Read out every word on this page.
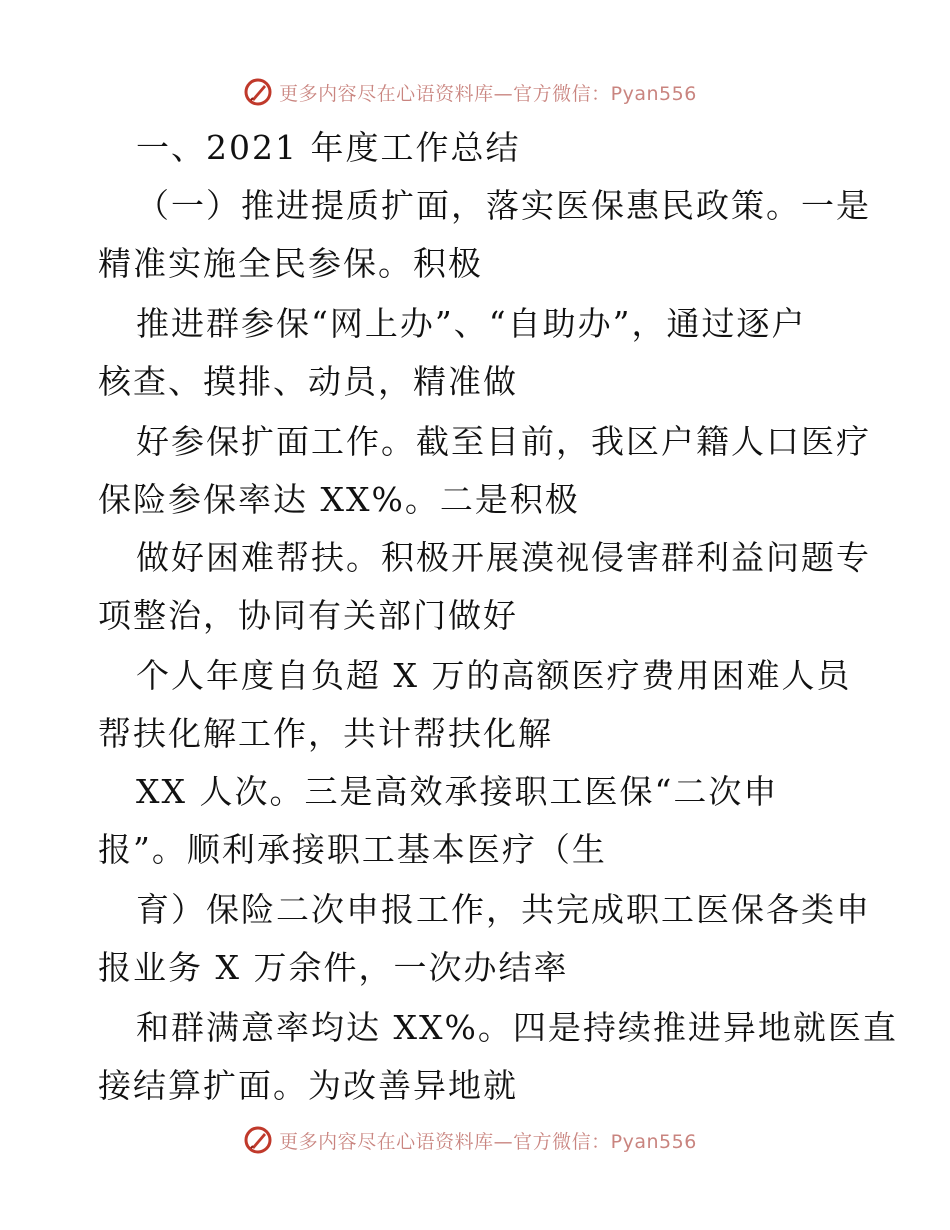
更多内容尽在心语资料库—官方微信：Pyan556
一、2021 年度工作总结
（一）推进提质扩面，落实医保惠民政策。一是
精准实施全民参保。积极
推进群参保“网上办”、“自助办”，通过逐户
核查、摸排、动员，精准做
好参保扩面工作。截至目前，我区户籍人口医疗
保险参保率达 XX%。二是积极
做好困难帮扶。积极开展漠视侵害群利益问题专
项整治，协同有关部门做好
个人年度自负超 X 万的高额医疗费用困难人员
帮扶化解工作，共计帮扶化解
XX 人次。三是高效承接职工医保“二次申
报”。顺利承接职工基本医疗（生
育）保险二次申报工作，共完成职工医保各类申
报业务 X 万余件，一次办结率
和群满意率均达 XX%。四是持续推进异地就医直
接结算扩面。为改善异地就
更多内容尽在心语资料库—官方微信：Pyan556
